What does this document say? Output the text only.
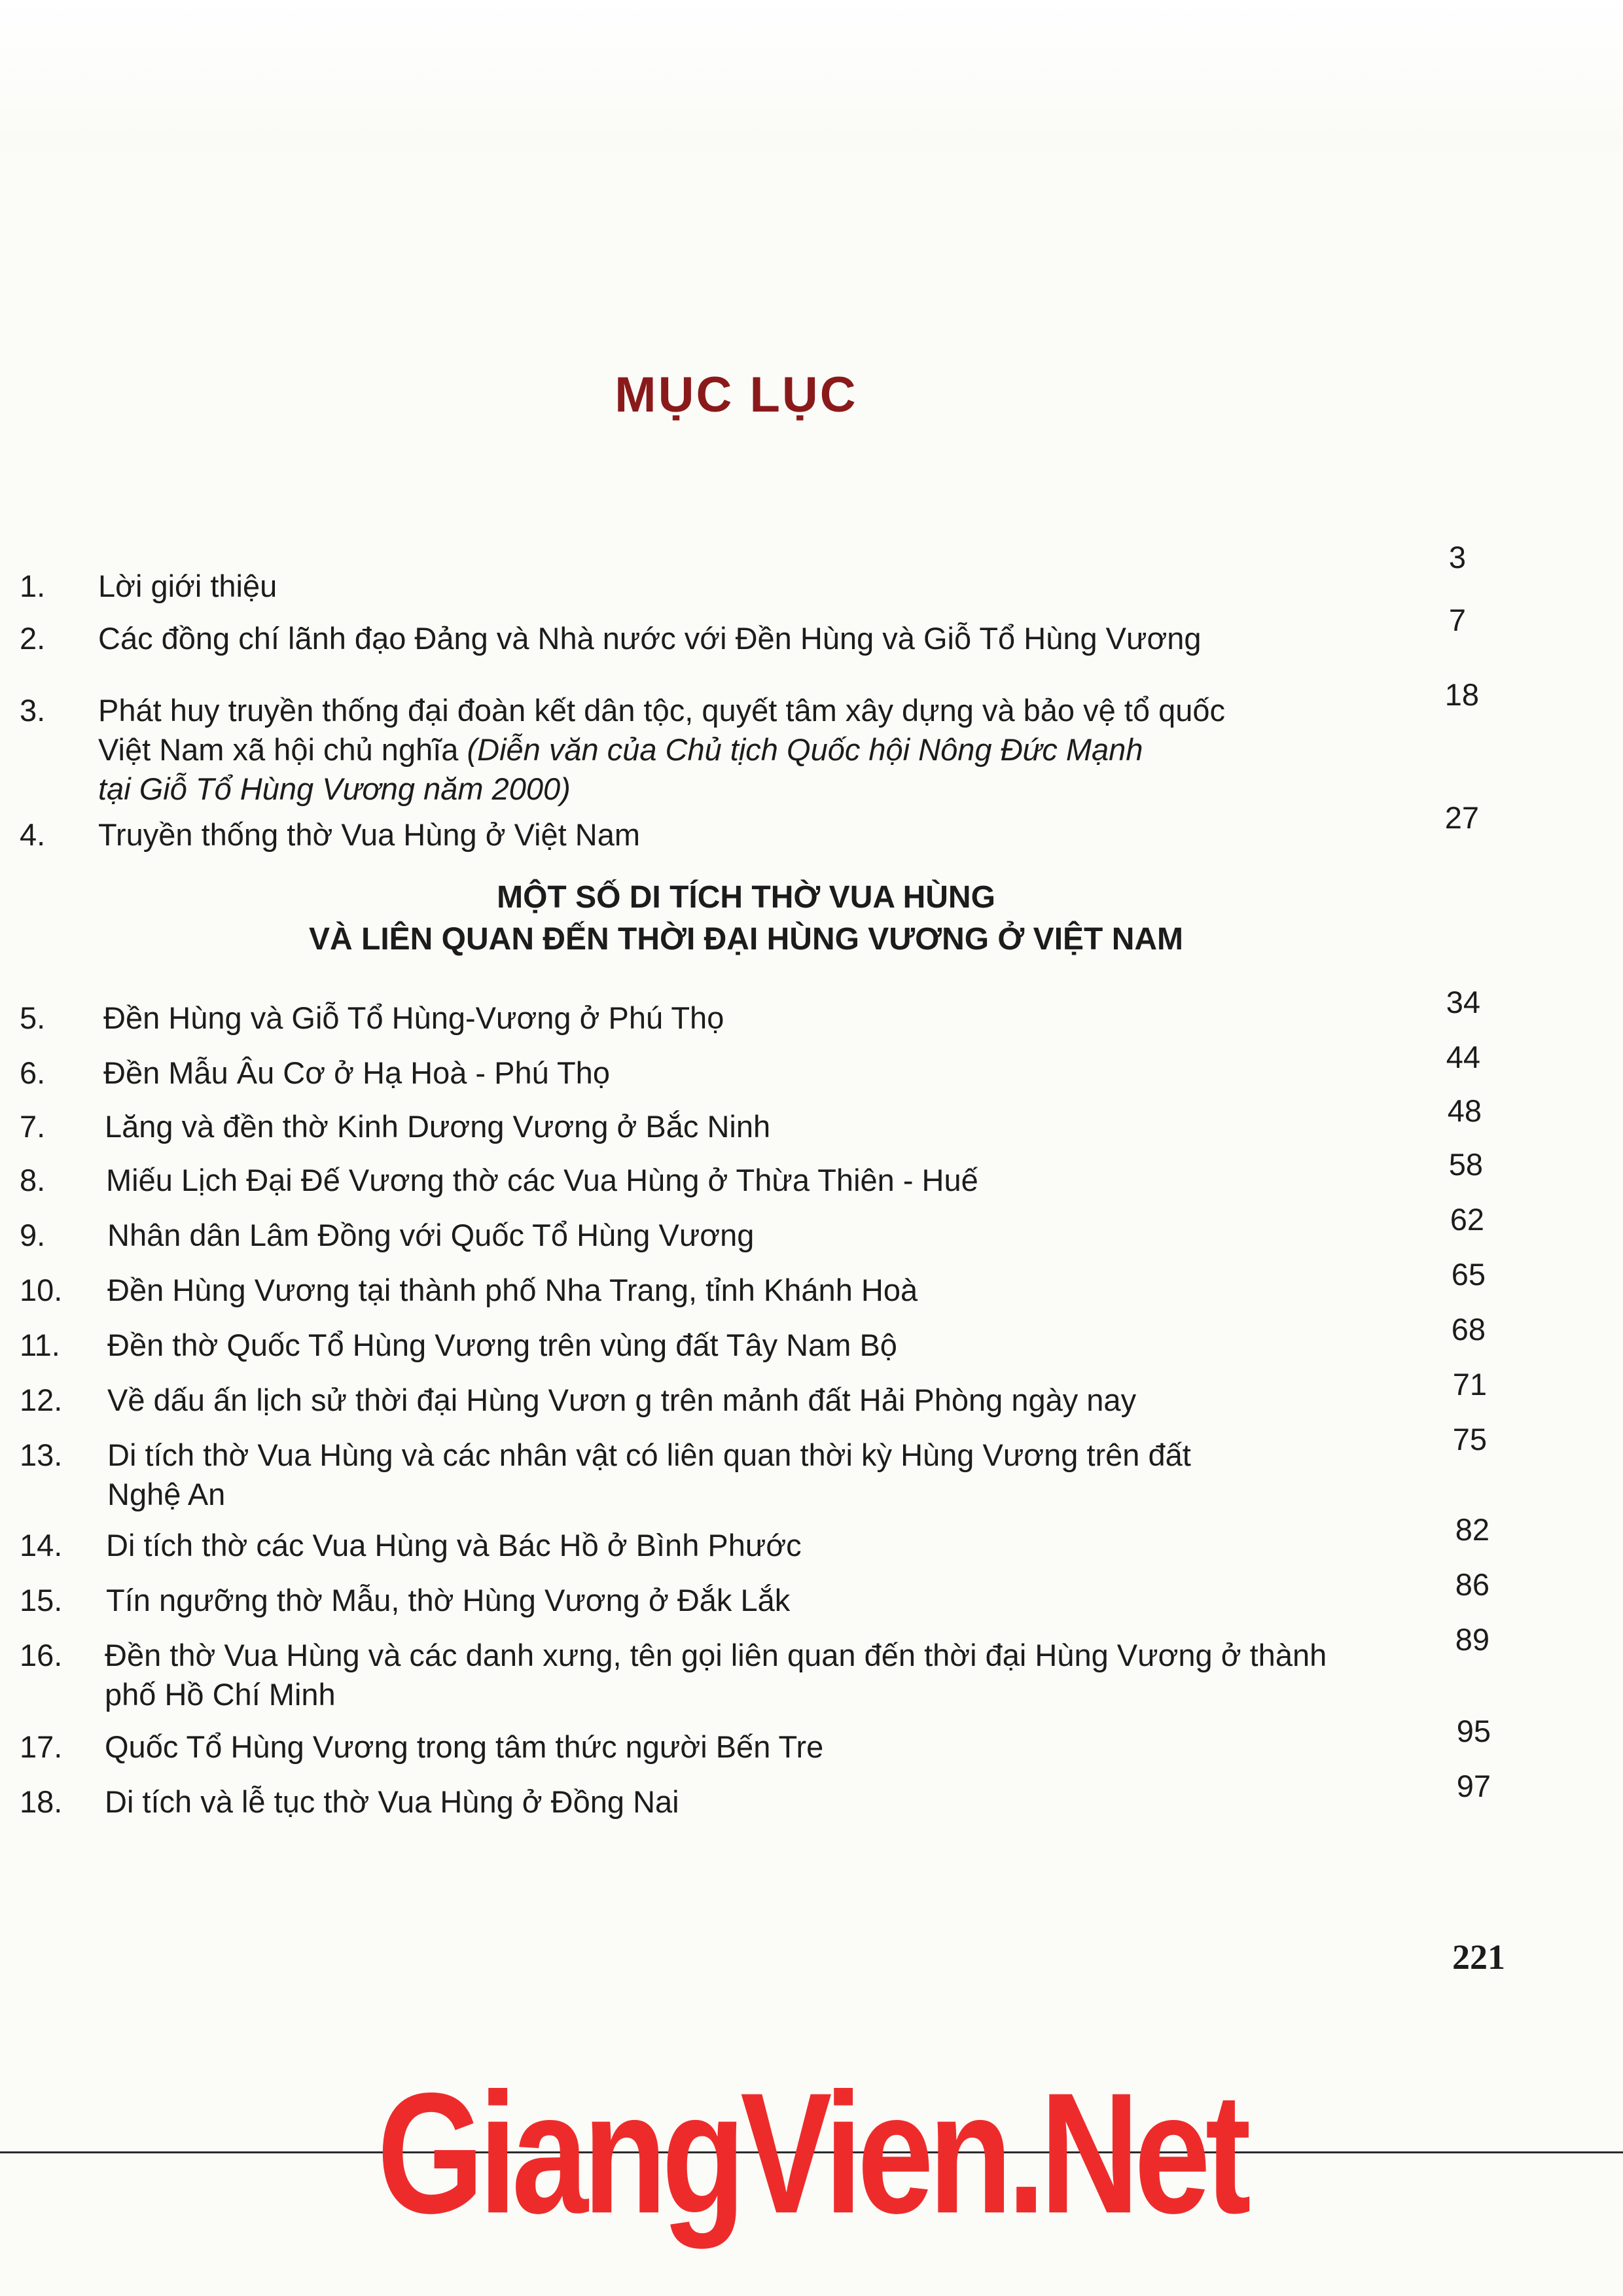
MỤC LỤC
1. Lời giới thiệu
3
2. Các đồng chí lãnh đạo Đảng và Nhà nước với Đền Hùng và Giỗ Tổ Hùng Vương
7
3. Phát huy truyền thống đại đoàn kết dân tộc, quyết tâm xây dựng và bảo vệ tổ quốc
Việt Nam xã hội chủ nghĩa (Diễn văn của Chủ tịch Quốc hội Nông Đức Mạnh
tại Giỗ Tổ Hùng Vương năm 2000)
18
4. Truyền thống thờ Vua Hùng ở Việt Nam	27
MỘT SỐ DI TÍCH THỜ VUA HÙNG
VÀ LIÊN QUAN ĐẾN THỜI ĐẠI HÙNG VƯƠNG Ở VIỆT NAM
5. Đền Hùng và Giỗ Tổ Hùng-Vương ở Phú Thọ	34
6. Đền Mẫu Âu Cơ ở Hạ Hoà - Phú Thọ	44
7. Lăng và đền thờ Kinh Dương Vương ở Bắc Ninh	48
8. Miếu Lịch Đại Đế Vương thờ các Vua Hùng ở Thừa Thiên - Huế	58
9. Nhân dân Lâm Đồng với Quốc Tổ Hùng Vương	62
10. Đền Hùng Vương tại thành phố Nha Trang, tỉnh Khánh Hoà	65
11. Đền thờ Quốc Tổ Hùng Vương trên vùng đất Tây Nam Bộ	68
12. Về dấu ấn lịch sử thời đại Hùng Vươn g trên mảnh đất Hải Phòng ngày nay	71
13. Di tích thờ Vua Hùng và các nhân vật có liên quan thời kỳ Hùng Vương trên đất
Nghệ An
75
14. Di tích thờ các Vua Hùng và Bác Hồ ở Bình Phước	82
15. Tín ngưỡng thờ Mẫu, thờ Hùng Vương ở Đắk Lắk	86
16. Đền thờ Vua Hùng và các danh xưng, tên gọi liên quan đến thời đại Hùng Vương ở thành
phố Hồ Chí Minh
89
17. Quốc Tổ Hùng Vương trong tâm thức người Bến Tre	95
18. Di tích và lễ tục thờ Vua Hùng ở Đồng Nai	97
221
GiangVien.Net
